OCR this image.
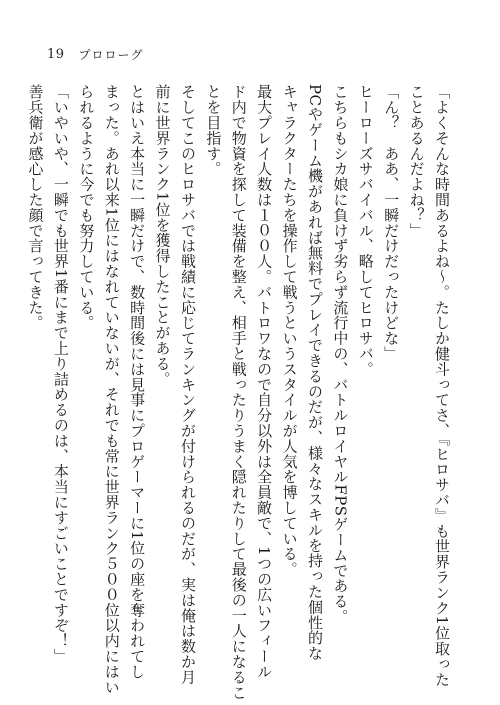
19 プロローグ

「よくそんな時間あるよね～。たしか健斗ってさ、『ヒロサバ』も世界ランク1位取った

ことあるんだよね？」

「ん？　ああ、一瞬だけだったけどな」

ヒーローズサバイバル、略してヒロサバ。

こちらもシカ娘に負けず劣らず流行中の、バトルロイヤルFPSゲームである。

PCやゲーム機があれば無料でプレイできるのだが、様々なスキルを持った個性的な

キャラクターたちを操作して戦うというスタイルが人気を博している。

最大プレイ人数は１００人。バトロワなので自分以外は全員敵で、1つの広いフィール

ド内で物資を探して装備を整え、相手と戦ったりうまく隠れたりして最後の一人になるこ

とを目指す。

そしてこのヒロサバでは戦績に応じてランキングが付けられるのだが、実は俺は数か月

前に世界ランク1位を獲得したことがある。

とはいえ本当に一瞬だけで、数時間後には見事にプロゲーマーに1位の座を奪われてし

まった。あれ以来1位にはなれていないが、それでも常に世界ランク５００位以内にはい

られるように今でも努力している。

「いやいや、一瞬でも世界1番にまで上り詰めるのは、本当にすごいことですぞ！」

善兵衛が感心した顔で言ってきた。
